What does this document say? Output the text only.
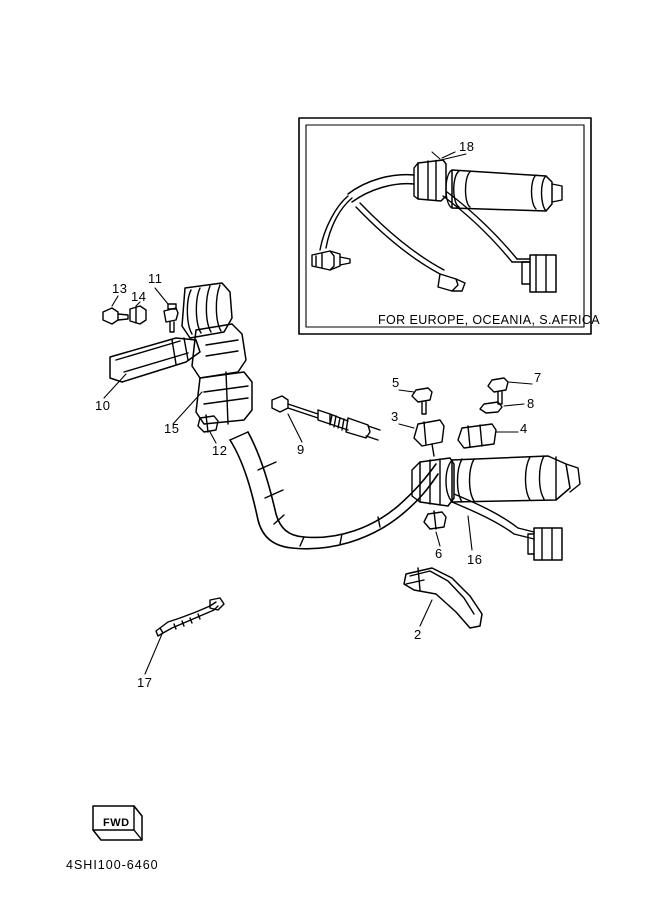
13
11
14
10
15
12	9
5
3
7
8
4
6 16
2
17
18
FOR EUROPE, OCEANIA, S.AFRICA
FWD
4SHI100-6460
